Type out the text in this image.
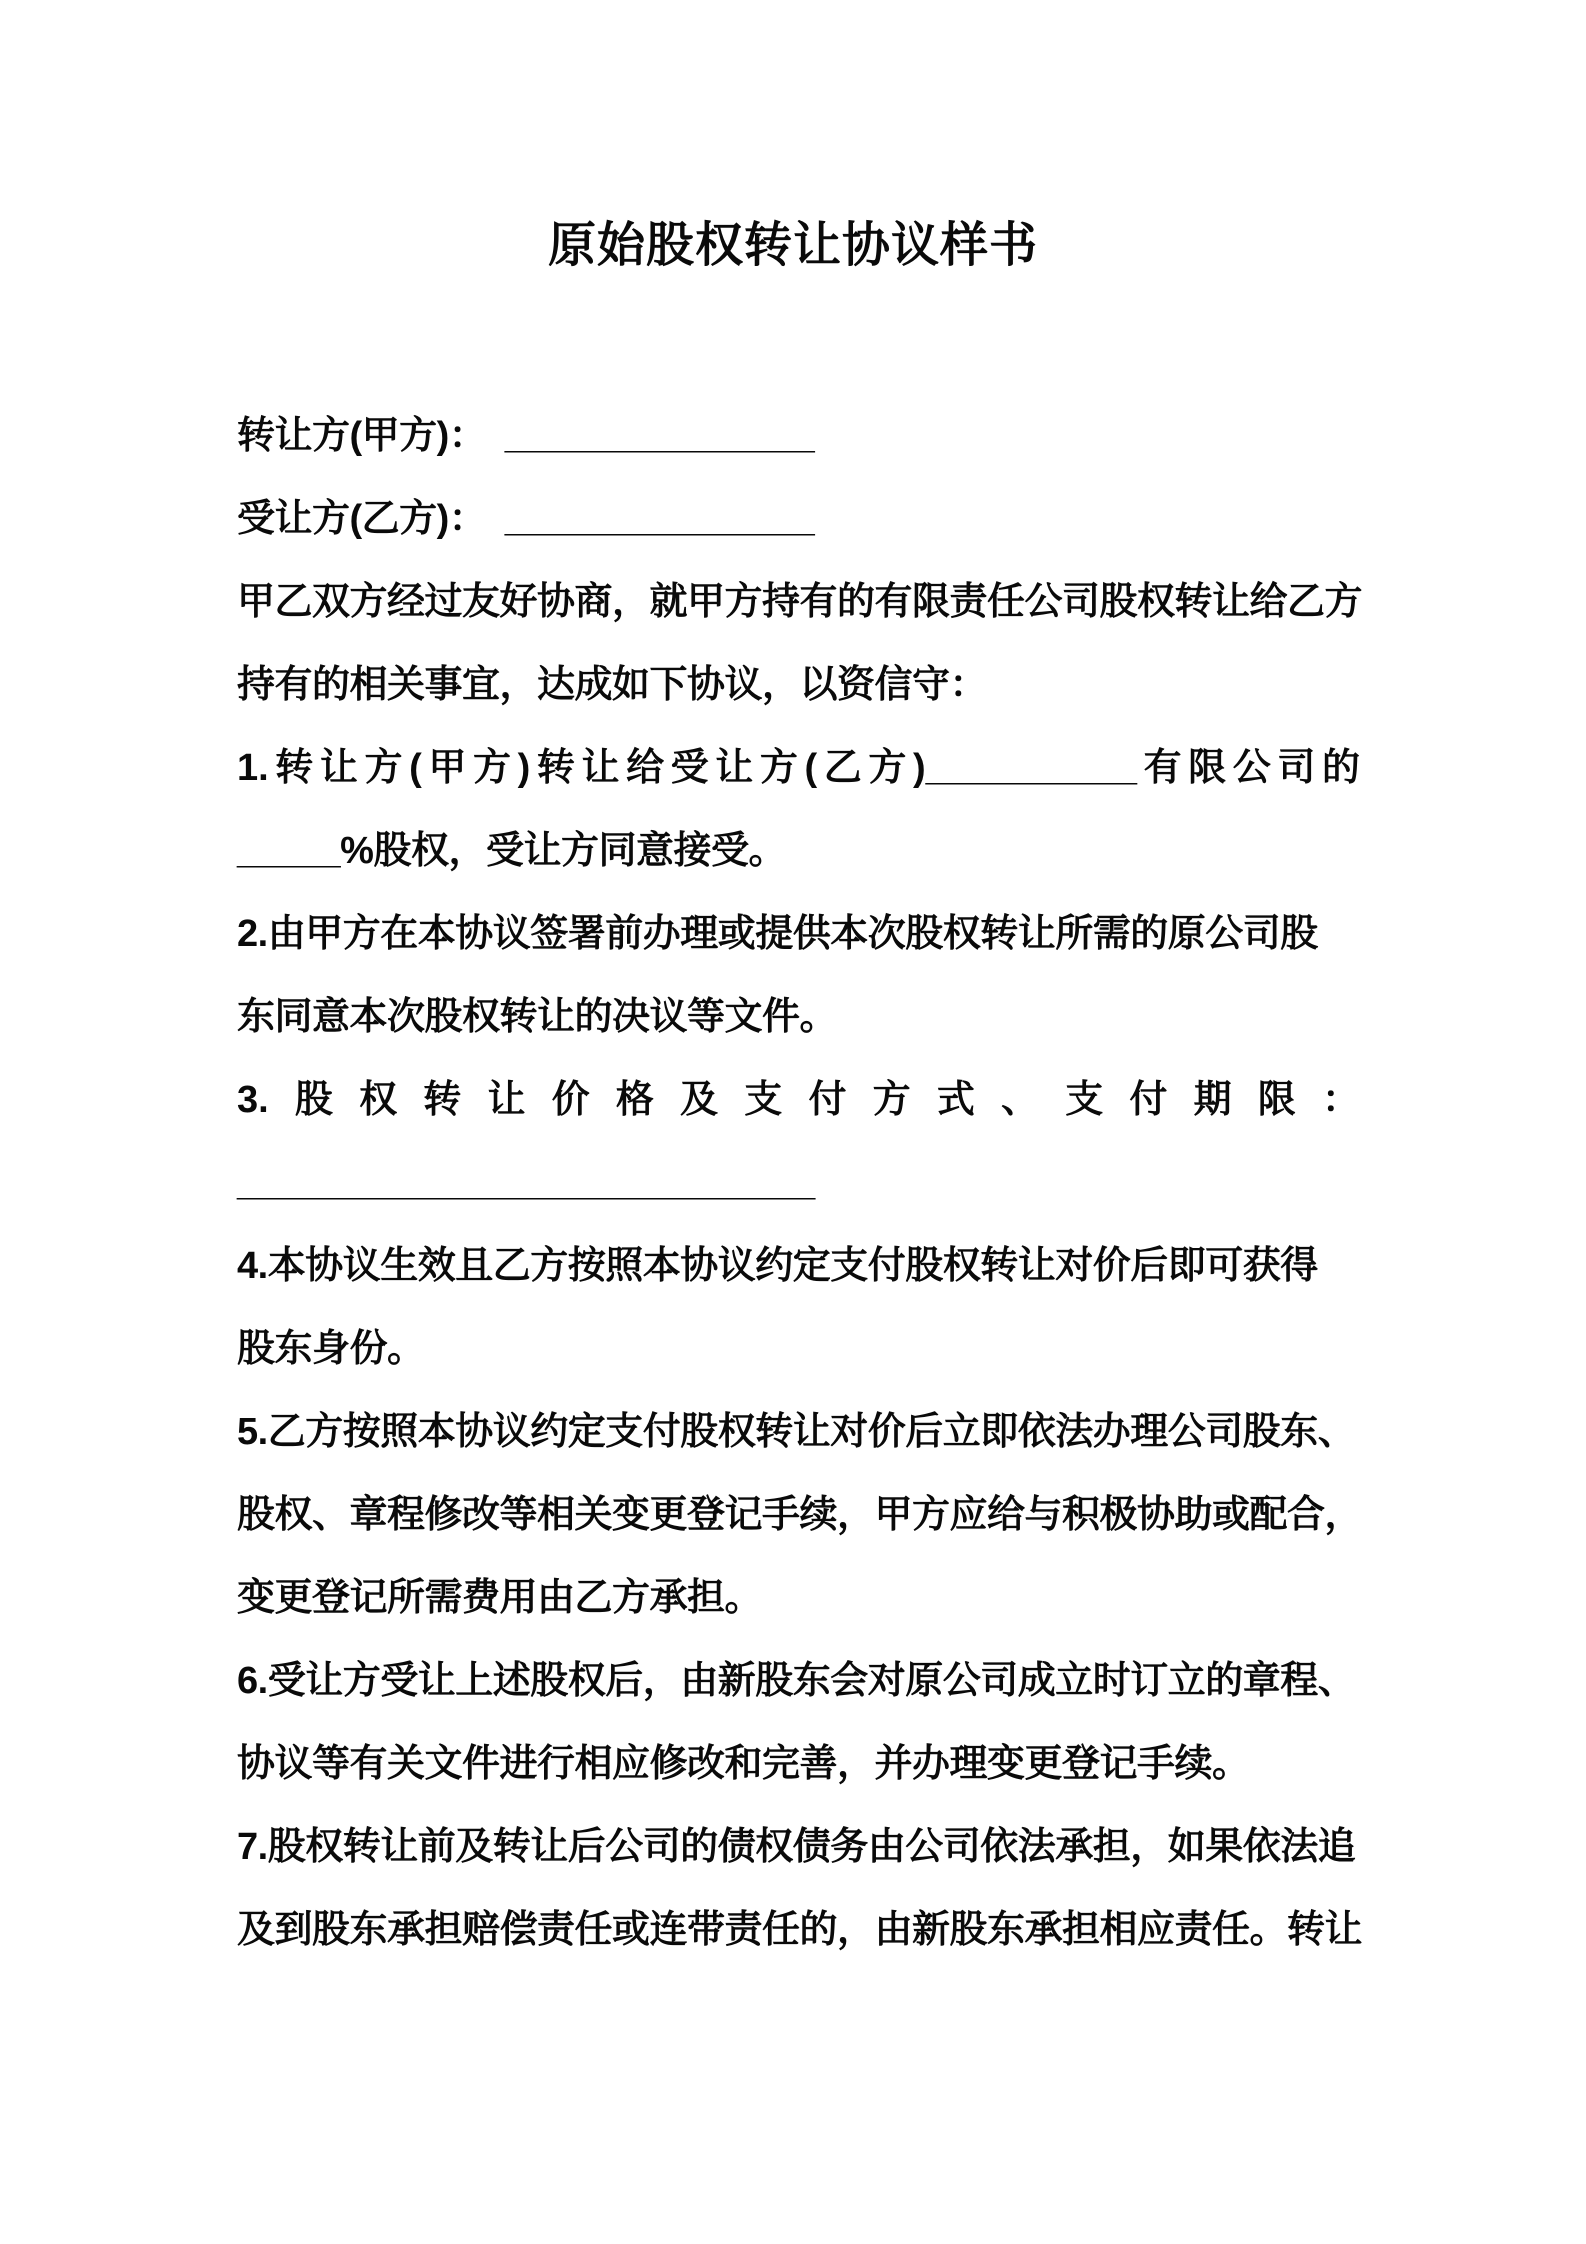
原始股权转让协议样书
转让方(甲方)：　_______________
受让方(乙方)：　_______________
甲乙双方经过友好协商，就甲方持有的有限责任公司股权转让给乙方
持有的相关事宜，达成如下协议，以资信守：
1.转让方(甲方)转让给受让方(乙方)__________有限公司的
_____%股权，受让方同意接受。
2.由甲方在本协议签署前办理或提供本次股权转让所需的原公司股
东同意本次股权转让的决议等文件。
3.股权转让价格及支付方式、支付期限：
____________________________
4.本协议生效且乙方按照本协议约定支付股权转让对价后即可获得
股东身份。
5.乙方按照本协议约定支付股权转让对价后立即依法办理公司股东、
股权、章程修改等相关变更登记手续，甲方应给与积极协助或配合，
变更登记所需费用由乙方承担。
6.受让方受让上述股权后，由新股东会对原公司成立时订立的章程、
协议等有关文件进行相应修改和完善，并办理变更登记手续。
7.股权转让前及转让后公司的债权债务由公司依法承担，如果依法追
及到股东承担赔偿责任或连带责任的，由新股东承担相应责任。转让
